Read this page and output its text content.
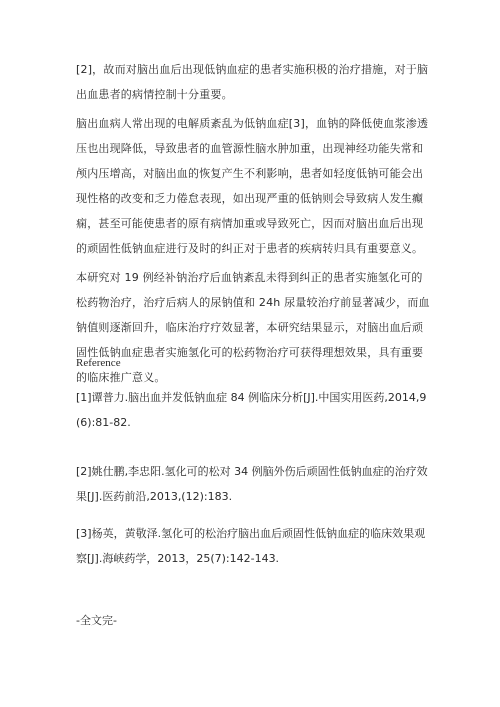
[2]，故而对脑出血后出现低钠血症的患者实施积极的治疗措施，对于脑出血患者的病情控制十分重要。

脑出血病人常出现的电解质紊乱为低钠血症[3]，血钠的降低使血浆渗透压也出现降低，导致患者的血管源性脑水肿加重，出现神经功能失常和颅内压增高，对脑出血的恢复产生不利影响，患者如轻度低钠可能会出现性格的改变和乏力倦怠表现，如出现严重的低钠则会导致病人发生癫痫，甚至可能使患者的原有病情加重或导致死亡，因而对脑出血后出现的顽固性低钠血症进行及时的纠正对于患者的疾病转归具有重要意义。

本研究对 19 例经补钠治疗后血钠紊乱未得到纠正的患者实施氢化可的松药物治疗，治疗后病人的尿钠值和 24h 尿量较治疗前显著减少，而血钠值则逐渐回升，临床治疗疗效显著，本研究结果显示，对脑出血后顽固性低钠血症患者实施氢化可的松药物治疗可获得理想效果，具有重要的临床推广意义。

Reference

[1]谭普力.脑出血并发低钠血症 84 例临床分析[J].中国实用医药,2014,9(6):81-82.

[2]姚仕鹏,李忠阳.氢化可的松对 34 例脑外伤后顽固性低钠血症的治疗效果[J].医药前沿,2013,(12):183.

[3]杨英，黄敬泽.氢化可的松治疗脑出血后顽固性低钠血症的临床效果观察[J].海峡药学，2013，25(7):142-143.

-全文完-
